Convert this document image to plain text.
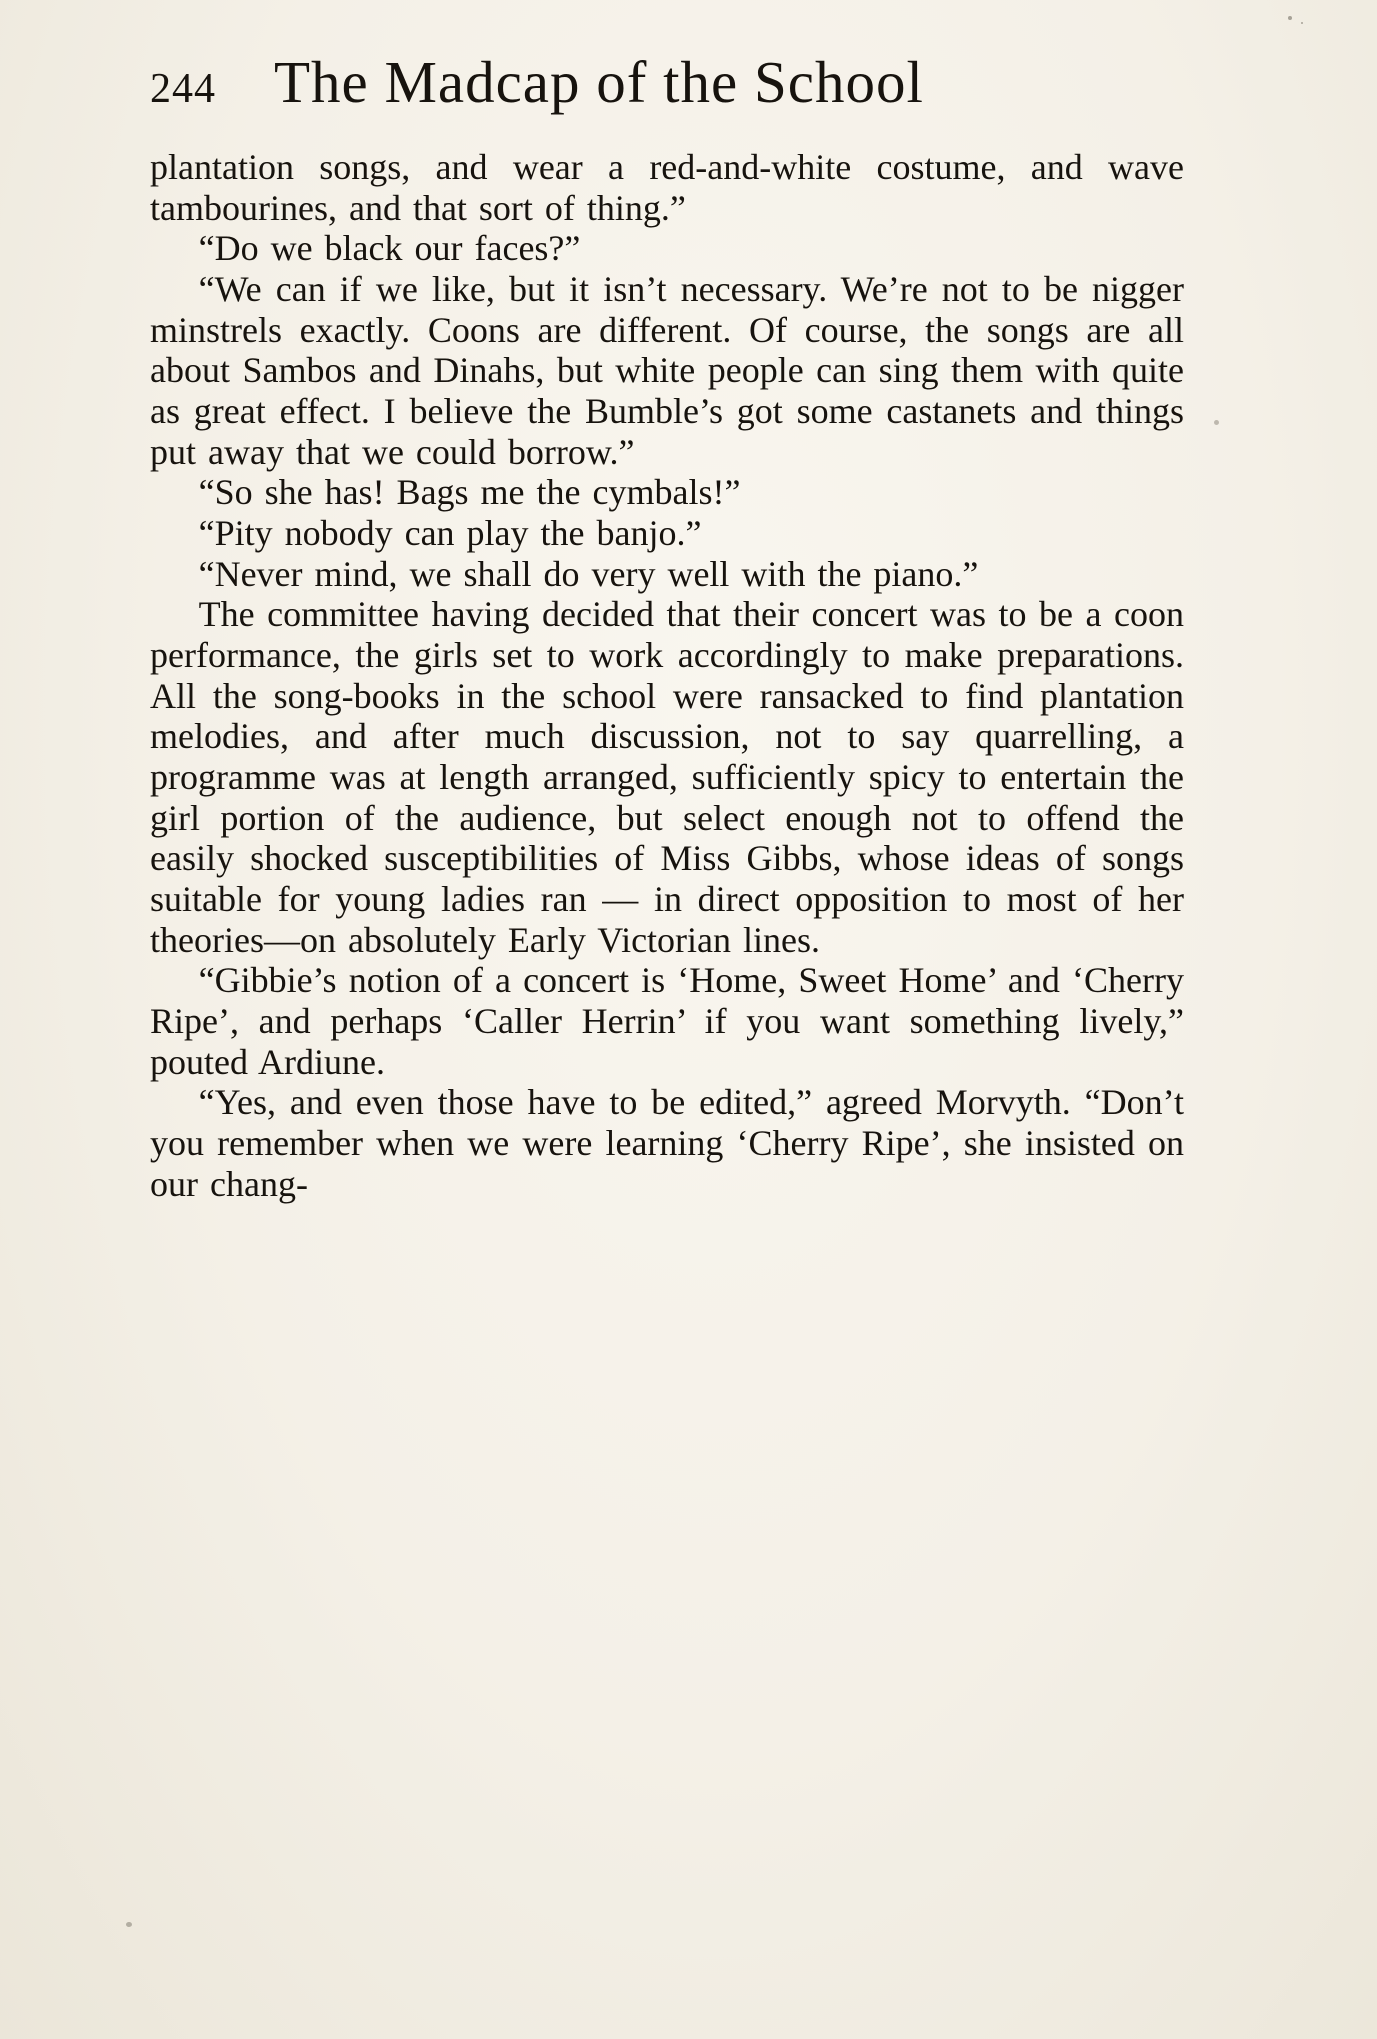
244 The Madcap of the School

plantation songs, and wear a red-and-white costume, and wave tambourines, and that sort of thing.”

“Do we black our faces?”

“We can if we like, but it isn’t necessary. We’re not to be nigger minstrels exactly. Coons are different. Of course, the songs are all about Sambos and Dinahs, but white people can sing them with quite as great effect. I believe the Bumble’s got some castanets and things put away that we could borrow.”

“So she has! Bags me the cymbals!”

“Pity nobody can play the banjo.”

“Never mind, we shall do very well with the piano.”

The committee having decided that their concert was to be a coon performance, the girls set to work accordingly to make preparations. All the song-books in the school were ransacked to find plantation melodies, and after much discussion, not to say quarrelling, a programme was at length arranged, sufficiently spicy to entertain the girl portion of the audience, but select enough not to offend the easily shocked susceptibilities of Miss Gibbs, whose ideas of songs suitable for young ladies ran — in direct opposition to most of her theories—on absolutely Early Victorian lines.

“Gibbie’s notion of a concert is ‘Home, Sweet Home’ and ‘Cherry Ripe’, and perhaps ‘Caller Herrin’ if you want something lively,” pouted Ardiune.

“Yes, and even those have to be edited,” agreed Morvyth. “Don’t you remember when we were learning ‘Cherry Ripe’, she insisted on our chang-
